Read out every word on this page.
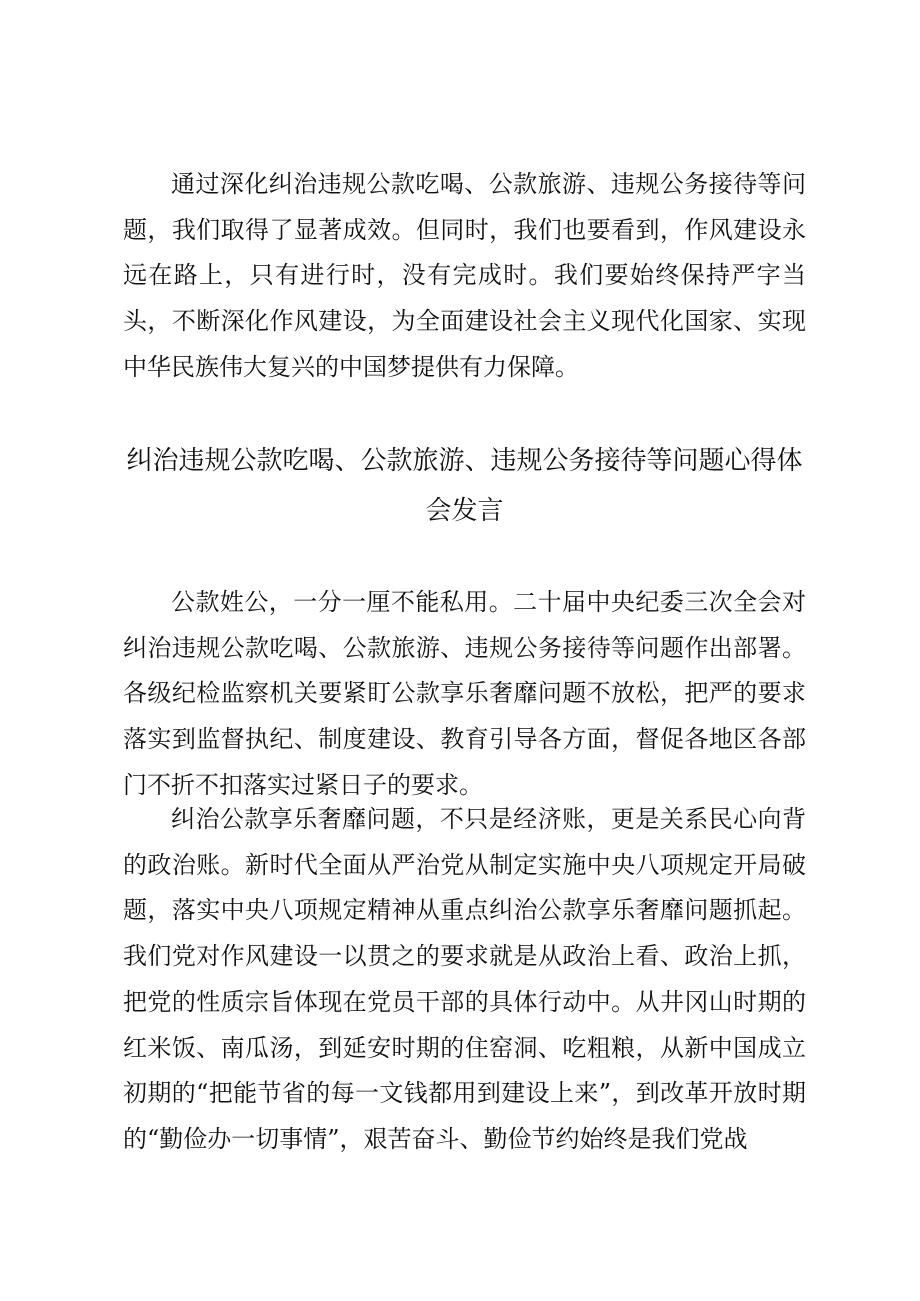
通过深化纠治违规公款吃喝、公款旅游、违规公务接待等问题，我们取得了显著成效。但同时，我们也要看到，作风建设永远在路上，只有进行时，没有完成时。我们要始终保持严字当头，不断深化作风建设，为全面建设社会主义现代化国家、实现中华民族伟大复兴的中国梦提供有力保障。

纠治违规公款吃喝、公款旅游、违规公务接待等问题心得体会发言

公款姓公，一分一厘不能私用。二十届中央纪委三次全会对纠治违规公款吃喝、公款旅游、违规公务接待等问题作出部署。各级纪检监察机关要紧盯公款享乐奢靡问题不放松，把严的要求落实到监督执纪、制度建设、教育引导各方面，督促各地区各部门不折不扣落实过紧日子的要求。

纠治公款享乐奢靡问题，不只是经济账，更是关系民心向背的政治账。新时代全面从严治党从制定实施中央八项规定开局破题，落实中央八项规定精神从重点纠治公款享乐奢靡问题抓起。我们党对作风建设一以贯之的要求就是从政治上看、政治上抓，把党的性质宗旨体现在党员干部的具体行动中。从井冈山时期的红米饭、南瓜汤，到延安时期的住窑洞、吃粗粮，从新中国成立初期的“把能节省的每一文钱都用到建设上来”，到改革开放时期的“勤俭办一切事情”，艰苦奋斗、勤俭节约始终是我们党战
